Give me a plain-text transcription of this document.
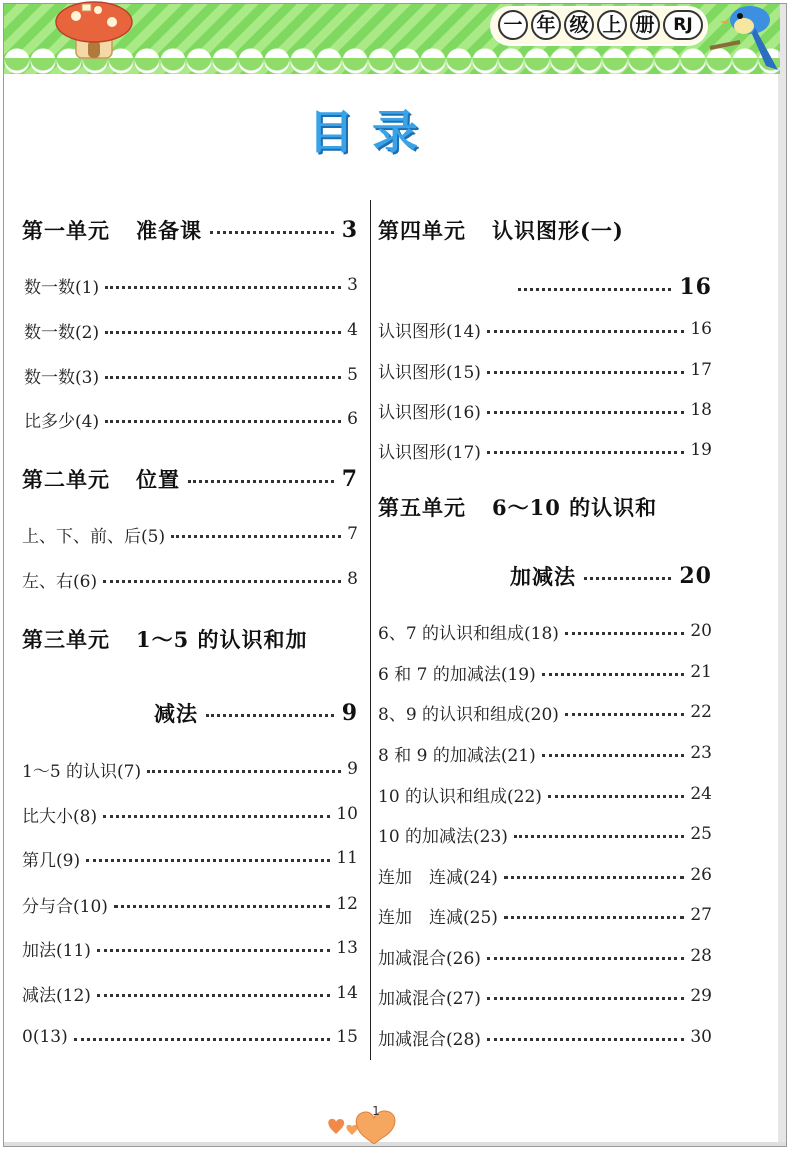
一 年 级 上 册	RJ
目 录
第一单元 准备课	3
数一数(1)	3
数一数(2)	4
数一数(3)	5
比多少(4)	6
第二单元 位置	7
上、下、前、后(5)	7
左、右(6)	8
第三单元 1～5 的认识和加
减法	9
1～5 的认识(7)	9
比大小(8)	10
第几(9)	11
分与合(10)	12
加法(11)	13
减法(12)	14
0(13)	15
第四单元 认识图形(一)
16
认识图形(14)	16
认识图形(15)	17
认识图形(16)	18
认识图形(17)	19
第五单元 6～10 的认识和
加减法	20
6、7 的认识和组成(18)	20
6 和 7 的加减法(19)	21
8、9 的认识和组成(20)	22
8 和 9 的加减法(21)	23
10 的认识和组成(22)	24
10 的加减法(23)	25
连加　连减(24)	26
连加　连减(25)	27
加减混合(26)	28
加减混合(27)	29
加减混合(28)	30
1
